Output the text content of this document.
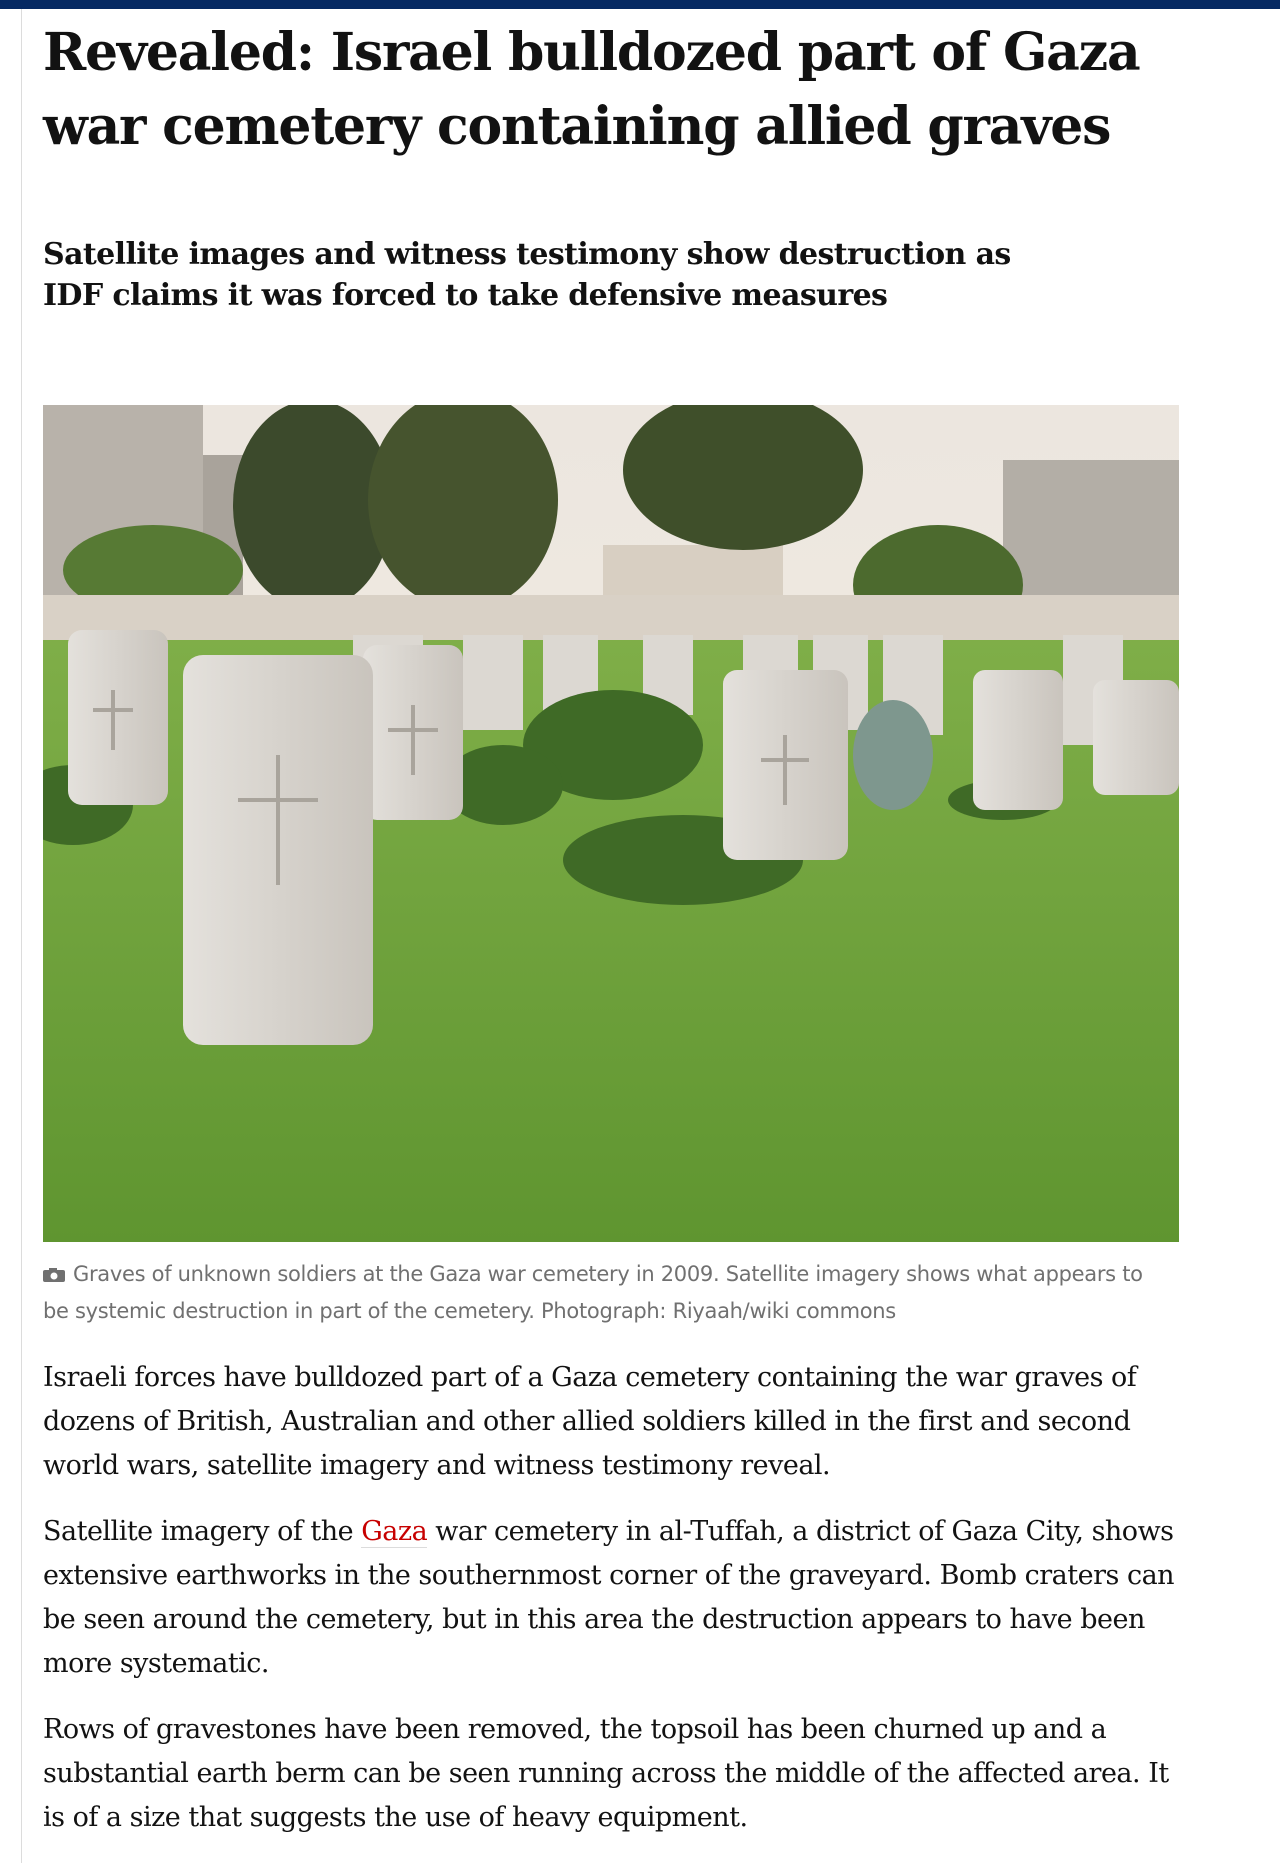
Revealed: Israel bulldozed part of Gaza war cemetery containing allied graves

Satellite images and witness testimony show destruction as IDF claims it was forced to take defensive measures

Graves of unknown soldiers at the Gaza war cemetery in 2009. Satellite imagery shows what appears to be systemic destruction in part of the cemetery. Photograph: Riyaah/wiki commons

Israeli forces have bulldozed part of a Gaza cemetery containing the war graves of dozens of British, Australian and other allied soldiers killed in the first and second world wars, satellite imagery and witness testimony reveal.

Satellite imagery of the Gaza war cemetery in al-Tuffah, a district of Gaza City, shows extensive earthworks in the southernmost corner of the graveyard. Bomb craters can be seen around the cemetery, but in this area the destruction appears to have been more systematic.

Rows of gravestones have been removed, the topsoil has been churned up and a substantial earth berm can be seen running across the middle of the affected area. It is of a size that suggests the use of heavy equipment.
